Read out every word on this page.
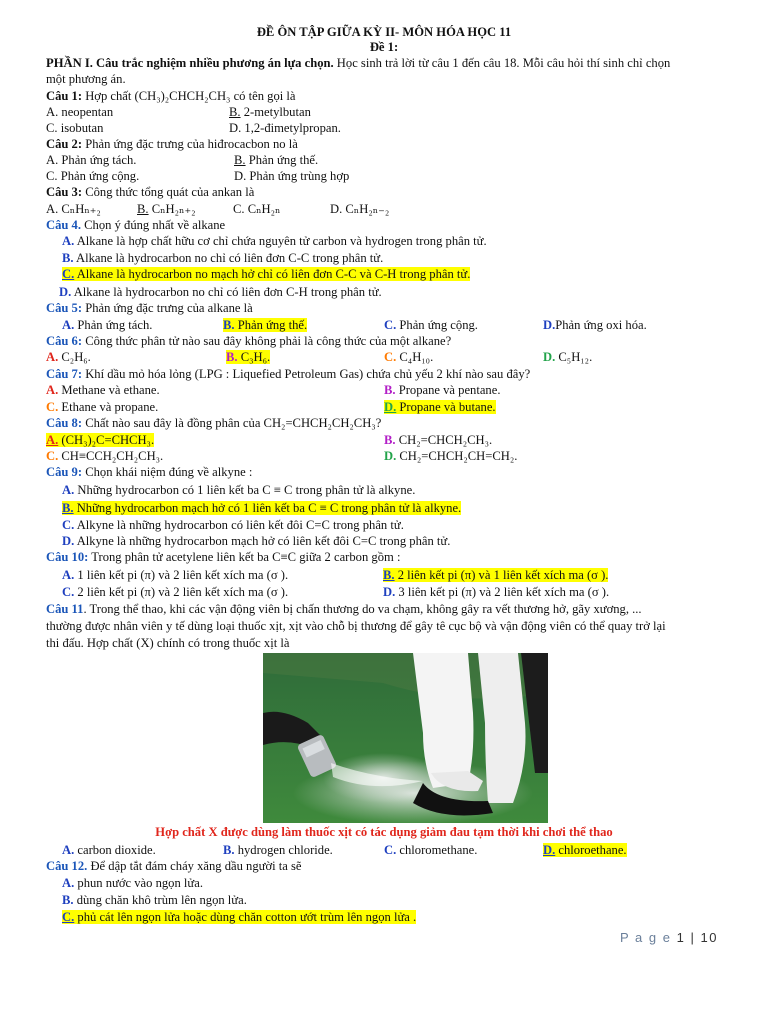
ĐỀ ÔN TẬP GIỮA KỲ II- MÔN HÓA HỌC 11
Đề 1:
PHẦN I. Câu trắc nghiệm nhiều phương án lựa chọn. Học sinh trả lời từ câu 1 đến câu 18. Mỗi câu hỏi thí sinh chỉ chọn
một phương án.
Câu 1: Hợp chất (CH₃)₂CHCH₂CH₃ có tên gọi là
A. neopentan	B. 2-metylbutan
C. isobutan	D. 1,2-đimetylpropan.
Câu 2: Phản ứng đặc trưng của hiđrocacbon no là
A. Phản ứng tách.	B. Phản ứng thế.
C. Phản ứng cộng.	D. Phản ứng trùng hợp
Câu 3: Công thức tổng quát của ankan là
A. CₙHₙ₊₂	B. CₙH₂ₙ₊₂	C. CₙH₂ₙ	D. CₙH₂ₙ₋₂
Câu 4. Chọn ý đúng nhất về alkane
A. Alkane là hợp chất hữu cơ chỉ chứa nguyên tử carbon và hydrogen trong phân tử.
B. Alkane là hydrocarbon no chỉ có liên đơn C-C trong phân tử.
C. Alkane là hydrocarbon no mạch hở chỉ có liên đơn C-C và C-H trong phân tử.
D. Alkane là hydrocarbon no chỉ có liên đơn C-H trong phân tử.
Câu 5: Phản ứng đặc trưng của alkane là
A. Phản ứng tách.	B. Phản ứng thế.	C. Phản ứng cộng.	D.Phản ứng oxi hóa.
Câu 6: Công thức phân tử nào sau đây không phải là công thức của một alkane?
A. C₂H₆.	B. C₃H₆.	C. C₄H₁₀.	D. C₅H₁₂.
Câu 7: Khí dầu mỏ hóa lỏng (LPG : Liquefied Petroleum Gas) chứa chủ yếu 2 khí nào sau đây?
A. Methane và ethane.	B. Propane và pentane.
C. Ethane và propane.	D. Propane và butane.
Câu 8: Chất nào sau đây là đồng phân của CH₂=CHCH₂CH₂CH₃?
A. (CH₃)₂C=CHCH₃.	B. CH₂=CHCH₂CH₃.
C. CH≡CCH₂CH₂CH₃.	D. CH₂=CHCH₂CH=CH₂.
Câu 9: Chọn khái niệm đúng về alkyne :
A. Những hydrocarbon có 1 liên kết ba C ≡ C trong phân tử là alkyne.
B. Những hydrocarbon mạch hở có 1 liên kết ba C ≡ C trong phân tử là alkyne.
C. Alkyne là những hydrocarbon có liên kết đôi C=C trong phân tử.
D. Alkyne là những hydrocarbon mạch hở có liên kết đôi C=C trong phân tử.
Câu 10: Trong phân tử acetylene liên kết ba C≡C giữa 2 carbon gồm :
A. 1 liên kết pi (π) và 2 liên kết xích ma (σ ).	B. 2 liên kết pi (π) và 1 liên kết xích ma (σ ).
C. 2 liên kết pi (π) và 2 liên kết xích ma (σ ).	D. 3 liên kết pi (π) và 2 liên kết xích ma (σ ).
Câu 11. Trong thể thao, khi các vận động viên bị chấn thương do va chạm, không gây ra vết thương hở, gãy xương, ...
thường được nhân viên y tế dùng loại thuốc xịt, xịt vào chỗ bị thương để gây tê cục bộ và vận động viên có thể quay trở lại
thi đấu. Hợp chất (X) chính có trong thuốc xịt là
Hợp chất X được dùng làm thuốc xịt có tác dụng giảm đau tạm thời khi chơi thể thao
A. carbon dioxide.	B. hydrogen chloride.	C. chloromethane.	D. chloroethane.
Câu 12. Để dập tắt đám cháy xăng dầu người ta sẽ
A. phun nước vào ngọn lửa.
B. dùng chăn khô trùm lên ngọn lửa.
C. phủ cát lên ngọn lửa hoặc dùng chăn cotton ướt trùm lên ngọn lửa .
P a g e 1 | 10
